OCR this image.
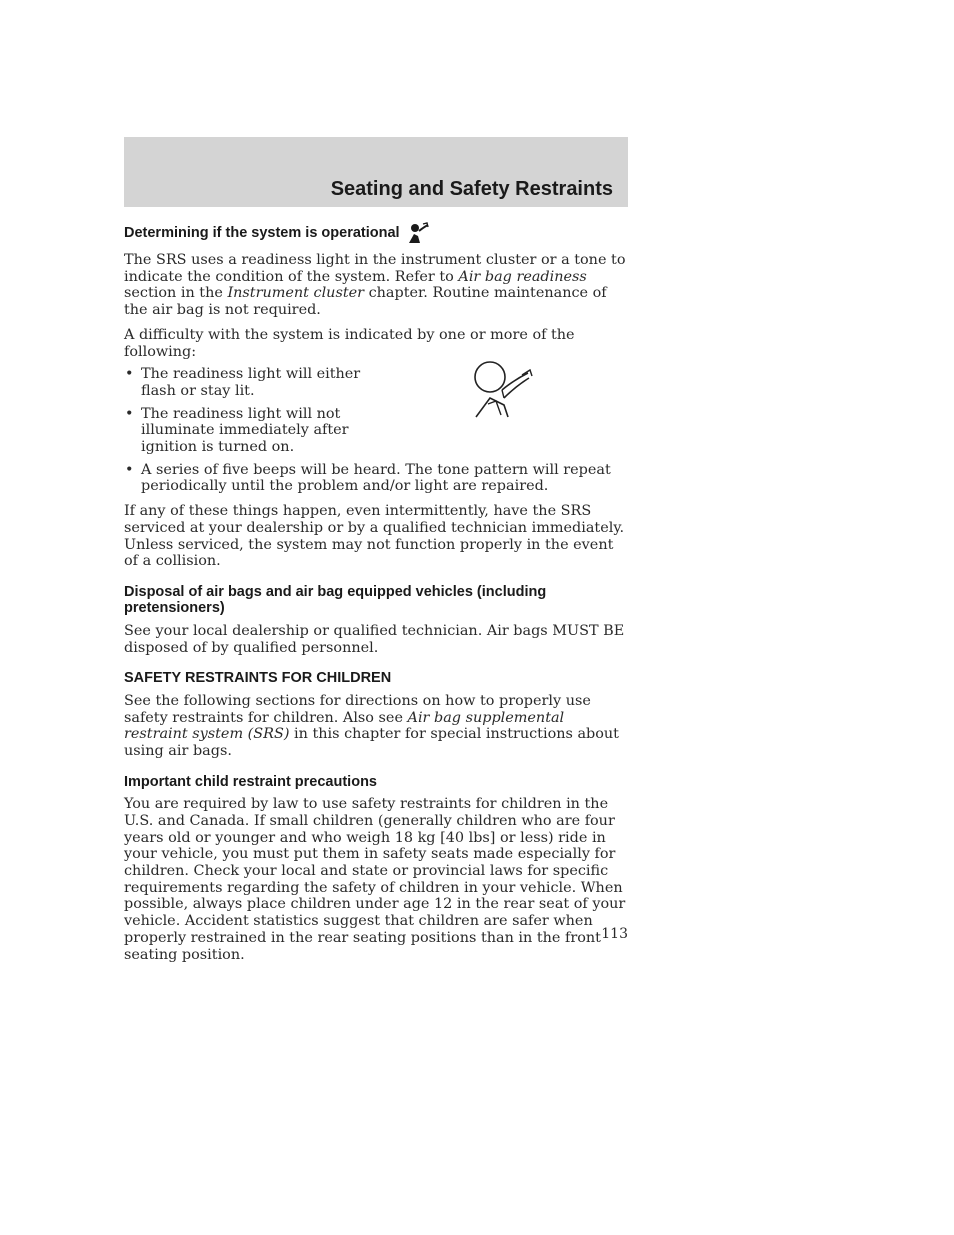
Seating and Safety Restraints
Determining if the system is operational

The SRS uses a readiness light in the instrument cluster or a tone to indicate the condition of the system. Refer to Air bag readiness section in the Instrument cluster chapter. Routine maintenance of the air bag is not required.

A difficulty with the system is indicated by one or more of the following:

• The readiness light will either flash or stay lit.
• The readiness light will not illuminate immediately after ignition is turned on.
• A series of five beeps will be heard. The tone pattern will repeat periodically until the problem and/or light are repaired.

If any of these things happen, even intermittently, have the SRS serviced at your dealership or by a qualified technician immediately. Unless serviced, the system may not function properly in the event of a collision.

Disposal of air bags and air bag equipped vehicles (including pretensioners)

See your local dealership or qualified technician. Air bags MUST BE disposed of by qualified personnel.

SAFETY RESTRAINTS FOR CHILDREN

See the following sections for directions on how to properly use safety restraints for children. Also see Air bag supplemental restraint system (SRS) in this chapter for special instructions about using air bags.

Important child restraint precautions

You are required by law to use safety restraints for children in the U.S. and Canada. If small children (generally children who are four years old or younger and who weigh 18 kg [40 lbs] or less) ride in your vehicle, you must put them in safety seats made especially for children. Check your local and state or provincial laws for specific requirements regarding the safety of children in your vehicle. When possible, always place children under age 12 in the rear seat of your vehicle. Accident statistics suggest that children are safer when properly restrained in the rear seating positions than in the front seating position.

113
